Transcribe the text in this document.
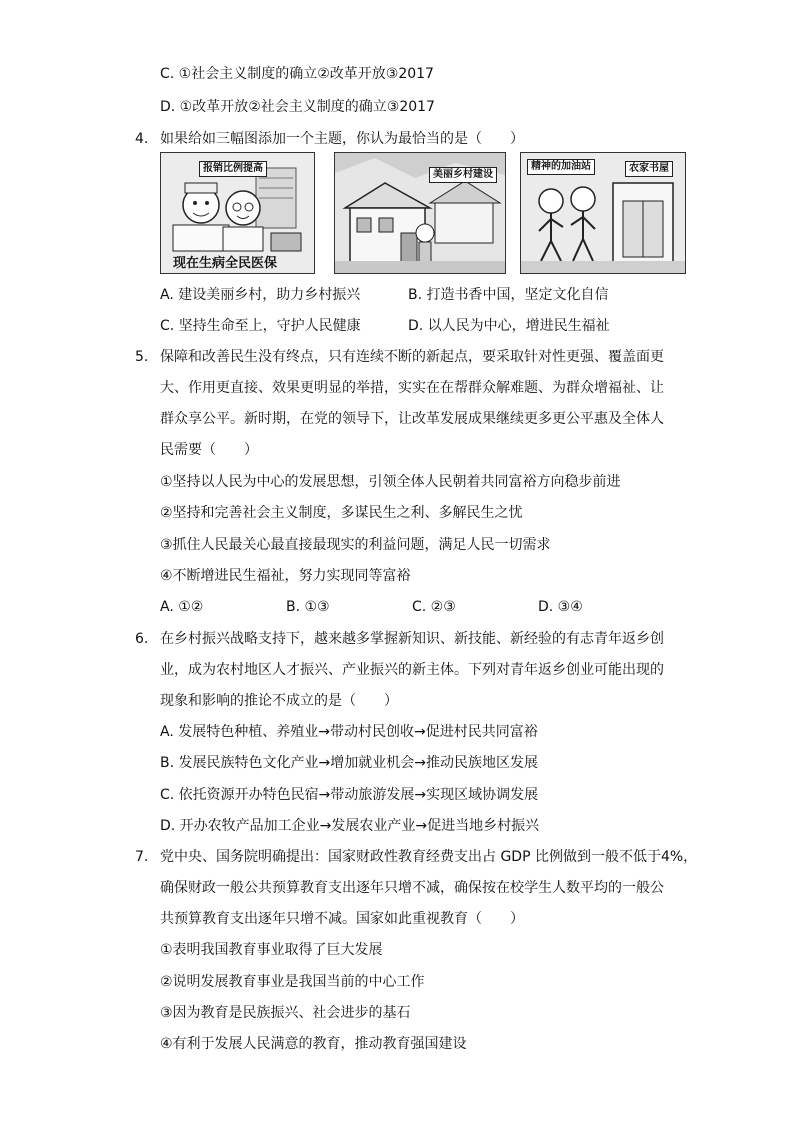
C. ①社会主义制度的确立②改革开放③2017
D. ①改革开放②社会主义制度的确立③2017
4. 如果给如三幅图添加一个主题，你认为最恰当的是（　　）
报销比例提高
现在生病全民医保
美丽乡村建设
精神的加油站	农家书屋
A. 建设美丽乡村，助力乡村振兴	B. 打造书香中国，坚定文化自信
C. 坚持生命至上，守护人民健康	D. 以人民为中心，增进民生福祉
5. 保障和改善民生没有终点，只有连续不断的新起点，要采取针对性更强、覆盖面更
大、作用更直接、效果更明显的举措，实实在在帮群众解难题、为群众增福祉、让
群众享公平。新时期，在党的领导下，让改革发展成果继续更多更公平惠及全体人
民需要（　　）
①坚持以人民为中心的发展思想，引领全体人民朝着共同富裕方向稳步前进
②坚持和完善社会主义制度，多谋民生之利、多解民生之忧
③抓住人民最关心最直接最现实的利益问题，满足人民一切需求
④不断增进民生福祉，努力实现同等富裕
A. ①②	B. ①③	C. ②③	D. ③④
6. 在乡村振兴战略支持下，越来越多掌握新知识、新技能、新经验的有志青年返乡创
业，成为农村地区人才振兴、产业振兴的新主体。下列对青年返乡创业可能出现的
现象和影响的推论不成立的是（　　）
A. 发展特色种植、养殖业→带动村民创收→促进村民共同富裕
B. 发展民族特色文化产业→增加就业机会→推动民族地区发展
C. 依托资源开办特色民宿→带动旅游发展→实现区域协调发展
D. 开办农牧产品加工企业→发展农业产业→促进当地乡村振兴
7. 党中央、国务院明确提出：国家财政性教育经费支出占 GDP 比例做到一般不低于4%，
确保财政一般公共预算教育支出逐年只增不减，确保按在校学生人数平均的一般公
共预算教育支出逐年只增不减。国家如此重视教育（　　）
①表明我国教育事业取得了巨大发展
②说明发展教育事业是我国当前的中心工作
③因为教育是民族振兴、社会进步的基石
④有利于发展人民满意的教育，推动教育强国建设
